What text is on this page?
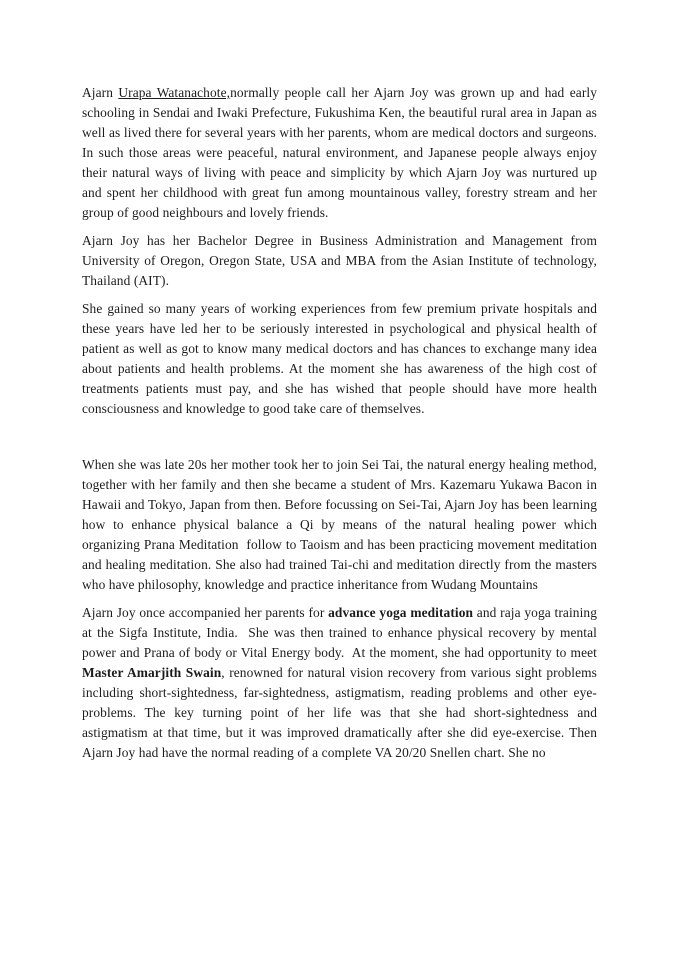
Ajarn Urapa Watanachote,normally people call her Ajarn Joy was grown up and had early schooling in Sendai and Iwaki Prefecture, Fukushima Ken, the beautiful rural area in Japan as well as lived there for several years with her parents, whom are medical doctors and surgeons. In such those areas were peaceful, natural environment, and Japanese people always enjoy their natural ways of living with peace and simplicity by which Ajarn Joy was nurtured up and spent her childhood with great fun among mountainous valley, forestry stream and her group of good neighbours and lovely friends.

Ajarn Joy has her Bachelor Degree in Business Administration and Management from University of Oregon, Oregon State, USA and MBA from the Asian Institute of technology, Thailand (AIT).

She gained so many years of working experiences from few premium private hospitals and these years have led her to be seriously interested in psychological and physical health of patient as well as got to know many medical doctors and has chances to exchange many idea about patients and health problems. At the moment she has awareness of the high cost of treatments patients must pay, and she has wished that people should have more health consciousness and knowledge to good take care of themselves.

When she was late 20s her mother took her to join Sei Tai, the natural energy healing method, together with her family and then she became a student of Mrs. Kazemaru Yukawa Bacon in Hawaii and Tokyo, Japan from then. Before focussing on Sei-Tai, Ajarn Joy has been learning how to enhance physical balance a Qi by means of the natural healing power which organizing Prana Meditation  follow to Taoism and has been practicing movement meditation and healing meditation. She also had trained Tai-chi and meditation directly from the masters who have philosophy, knowledge and practice inheritance from Wudang Mountains

Ajarn Joy once accompanied her parents for advance yoga meditation and raja yoga training at the Sigfa Institute, India.  She was then trained to enhance physical recovery by mental power and Prana of body or Vital Energy body.  At the moment, she had opportunity to meet Master Amarjith Swain, renowned for natural vision recovery from various sight problems including short-sightedness, far-sightedness, astigmatism, reading problems and other eye-problems. The key turning point of her life was that she had short-sightedness and astigmatism at that time, but it was improved dramatically after she did eye-exercise. Then Ajarn Joy had have the normal reading of a complete VA 20/20 Snellen chart. She no
